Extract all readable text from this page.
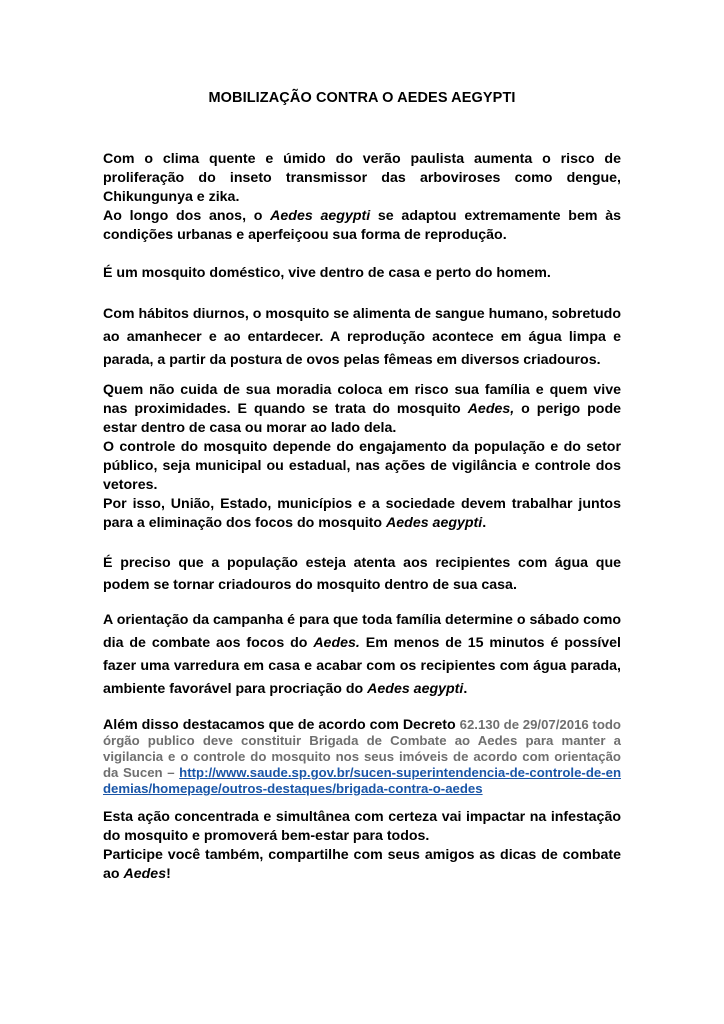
MOBILIZAÇÃO CONTRA O AEDES AEGYPTI
Com o clima quente e úmido do verão paulista aumenta o risco de proliferação do inseto transmissor das arboviroses como dengue, Chikungunya e zika.
Ao longo dos anos, o Aedes aegypti se adaptou extremamente bem às condições urbanas e aperfeiçoou sua forma de reprodução.
É um mosquito doméstico, vive dentro de casa e perto do homem.
Com hábitos diurnos, o mosquito se alimenta de sangue humano, sobretudo ao amanhecer e ao entardecer. A reprodução acontece em água limpa e parada, a partir da postura de ovos pelas fêmeas em diversos criadouros.
Quem não cuida de sua moradia coloca em risco sua família e quem vive nas proximidades. E quando se trata do mosquito Aedes, o perigo pode estar dentro de casa ou morar ao lado dela.
O controle do mosquito depende do engajamento da população e do setor público, seja municipal ou estadual, nas ações de vigilância e controle dos vetores.
Por isso, União, Estado, municípios e a sociedade devem trabalhar juntos para a eliminação dos focos do mosquito Aedes aegypti.
É preciso que a população esteja atenta aos recipientes com água que podem se tornar criadouros do mosquito dentro de sua casa.
A orientação da campanha é para que toda família determine o sábado como dia de combate aos focos do Aedes. Em menos de 15 minutos é possível fazer uma varredura em casa e acabar com os recipientes com água parada, ambiente favorável para procriação do Aedes aegypti.
Além disso destacamos que de acordo com Decreto 62.130 de 29/07/2016 todo órgão publico deve constituir Brigada de Combate ao Aedes para manter a vigilancia e o controle do mosquito nos seus imóveis de acordo com orientação da Sucen – http://www.saude.sp.gov.br/sucen-superintendencia-de-controle-de-endemias/homepage/outros-destaques/brigada-contra-o-aedes
Esta ação concentrada e simultânea com certeza vai impactar na infestação do mosquito e promoverá bem-estar para todos.
Participe você também, compartilhe com seus amigos as dicas de combate ao Aedes!
